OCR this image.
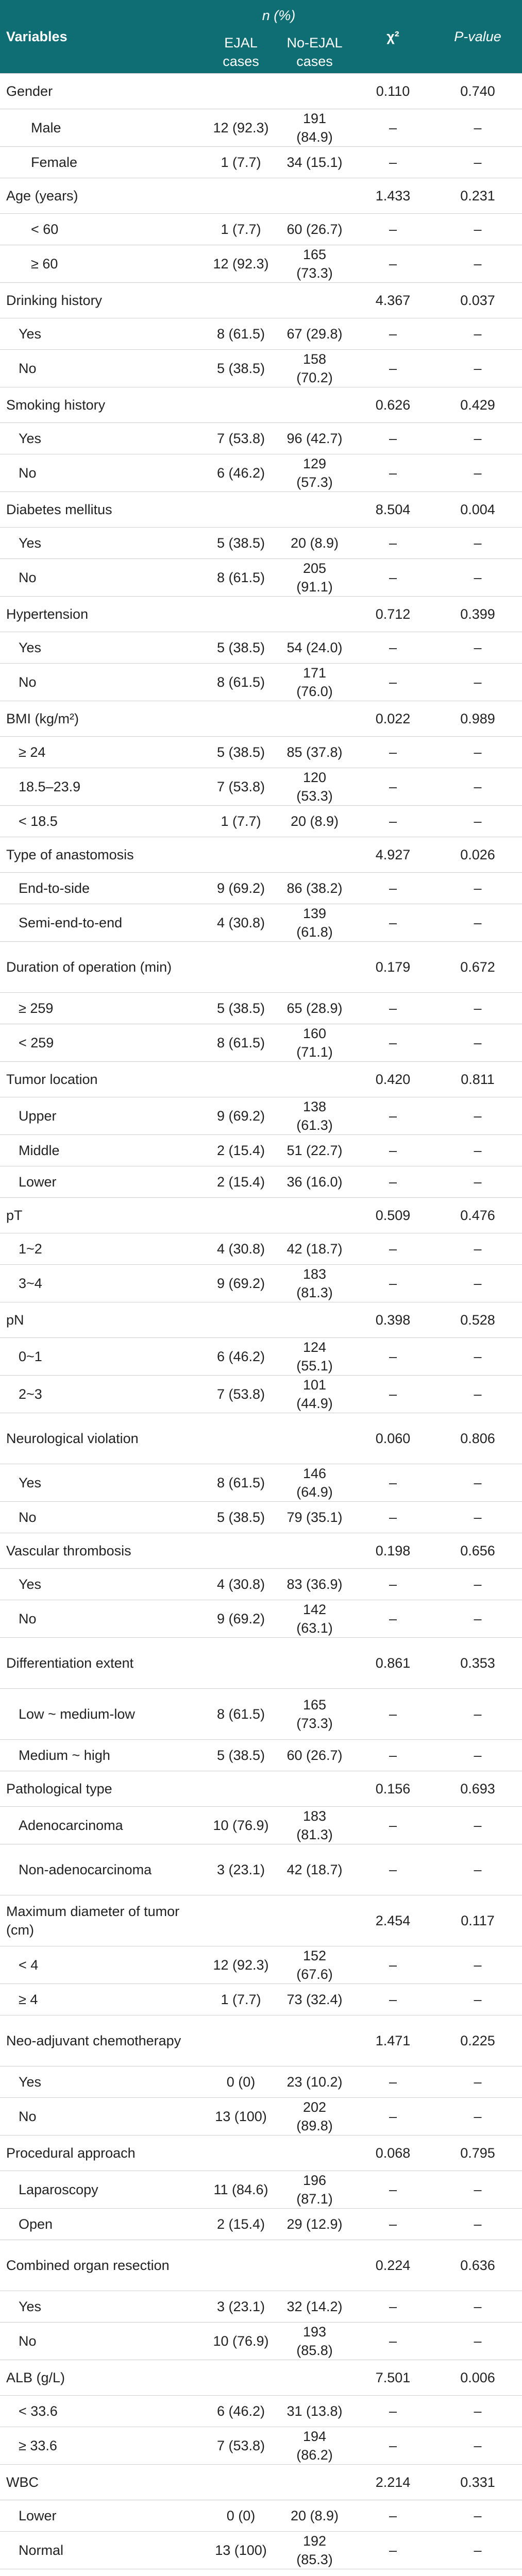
Variables	n (%)		χ²	P-value
	EJAL cases	No-EJAL cases		
Gender			0.110	0.740
Male	12 (92.3)	191 (84.9)	–	–
Female	1 (7.7)	34 (15.1)	–	–
Age (years)			1.433	0.231
< 60	1 (7.7)	60 (26.7)	–	–
≥ 60	12 (92.3)	165 (73.3)	–	–
Drinking history			4.367	0.037
Yes	8 (61.5)	67 (29.8)	–	–
No	5 (38.5)	158 (70.2)	–	–
Smoking history			0.626	0.429
Yes	7 (53.8)	96 (42.7)	–	–
No	6 (46.2)	129 (57.3)	–	–
Diabetes mellitus			8.504	0.004
Yes	5 (38.5)	20 (8.9)	–	–
No	8 (61.5)	205 (91.1)	–	–
Hypertension			0.712	0.399
Yes	5 (38.5)	54 (24.0)	–	–
No	8 (61.5)	171 (76.0)	–	–
BMI (kg/m²)			0.022	0.989
≥ 24	5 (38.5)	85 (37.8)	–	–
18.5–23.9	7 (53.8)	120 (53.3)	–	–
< 18.5	1 (7.7)	20 (8.9)	–	–
Type of anastomosis			4.927	0.026
End-to-side	9 (69.2)	86 (38.2)	–	–
Semi-end-to-end	4 (30.8)	139 (61.8)	–	–
Duration of operation (min)			0.179	0.672
≥ 259	5 (38.5)	65 (28.9)	–	–
< 259	8 (61.5)	160 (71.1)	–	–
Tumor location			0.420	0.811
Upper	9 (69.2)	138 (61.3)	–	–
Middle	2 (15.4)	51 (22.7)	–	–
Lower	2 (15.4)	36 (16.0)	–	–
pT			0.509	0.476
1~2	4 (30.8)	42 (18.7)	–	–
3~4	9 (69.2)	183 (81.3)	–	–
pN			0.398	0.528
0~1	6 (46.2)	124 (55.1)	–	–
2~3	7 (53.8)	101 (44.9)	–	–
Neurological violation			0.060	0.806
Yes	8 (61.5)	146 (64.9)	–	–
No	5 (38.5)	79 (35.1)	–	–
Vascular thrombosis			0.198	0.656
Yes	4 (30.8)	83 (36.9)	–	–
No	9 (69.2)	142 (63.1)	–	–
Differentiation extent			0.861	0.353
Low ~ medium-low	8 (61.5)	165 (73.3)	–	–
Medium ~ high	5 (38.5)	60 (26.7)	–	–
Pathological type			0.156	0.693
Adenocarcinoma	10 (76.9)	183 (81.3)	–	–
Non-adenocarcinoma	3 (23.1)	42 (18.7)	–	–
Maximum diameter of tumor (cm)			2.454	0.117
< 4	12 (92.3)	152 (67.6)	–	–
≥ 4	1 (7.7)	73 (32.4)	–	–
Neo-adjuvant chemotherapy			1.471	0.225
Yes	0 (0)	23 (10.2)	–	–
No	13 (100)	202 (89.8)	–	–
Procedural approach			0.068	0.795
Laparoscopy	11 (84.6)	196 (87.1)	–	–
Open	2 (15.4)	29 (12.9)	–	–
Combined organ resection			0.224	0.636
Yes	3 (23.1)	32 (14.2)	–	–
No	10 (76.9)	193 (85.8)	–	–
ALB (g/L)			7.501	0.006
< 33.6	6 (46.2)	31 (13.8)	–	–
≥ 33.6	7 (53.8)	194 (86.2)	–	–
WBC			2.214	0.331
Lower	0 (0)	20 (8.9)	–	–
Normal	13 (100)	192 (85.3)	–	–
